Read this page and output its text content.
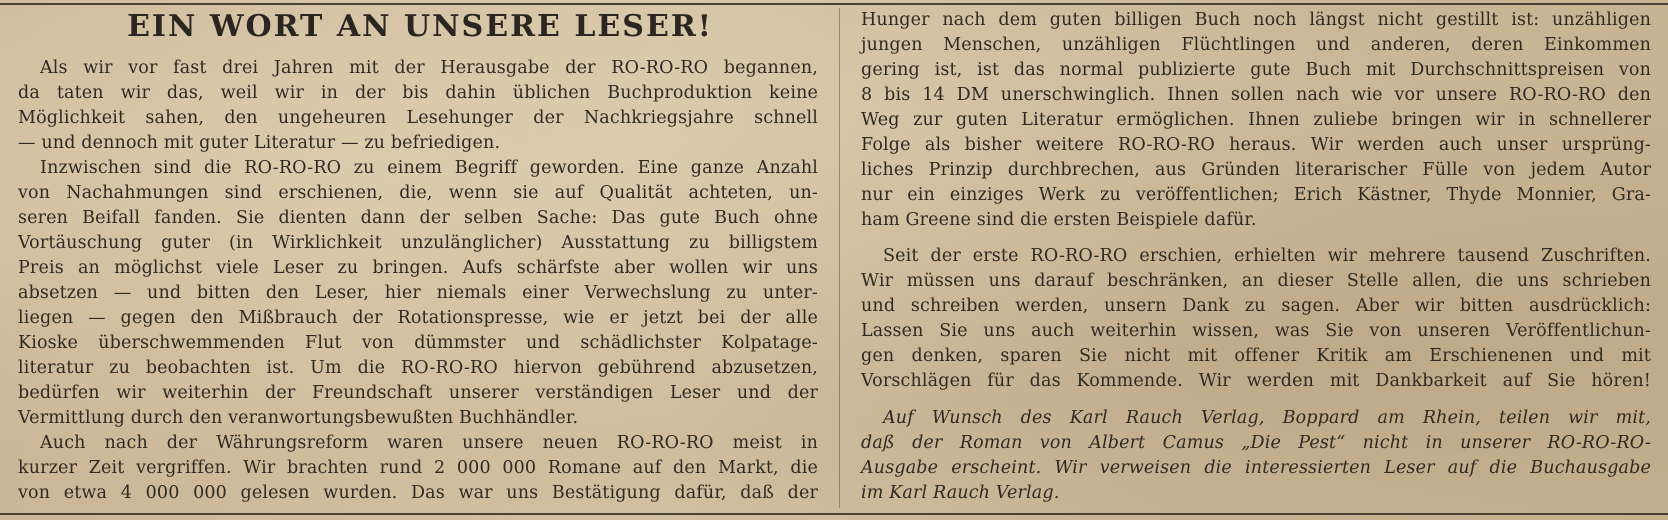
EIN WORT AN UNSERE LESER!
Als wir vor fast drei Jahren mit der Herausgabe der RO-RO-RO begannen,
da taten wir das, weil wir in der bis dahin üblichen Buchproduktion keine
Möglichkeit sahen, den ungeheuren Lesehunger der Nachkriegsjahre schnell
— und dennoch mit guter Literatur — zu befriedigen.
Inzwischen sind die RO-RO-RO zu einem Begriff geworden. Eine ganze Anzahl
von Nachahmungen sind erschienen, die, wenn sie auf Qualität achteten, un-
seren Beifall fanden. Sie dienten dann der selben Sache: Das gute Buch ohne
Vortäuschung guter (in Wirklichkeit unzulänglicher) Ausstattung zu billigstem
Preis an möglichst viele Leser zu bringen. Aufs schärfste aber wollen wir uns
absetzen — und bitten den Leser, hier niemals einer Verwechslung zu unter-
liegen — gegen den Mißbrauch der Rotationspresse, wie er jetzt bei der alle
Kioske überschwemmenden Flut von dümmster und schädlichster Kolpatage-
literatur zu beobachten ist. Um die RO-RO-RO hiervon gebührend abzusetzen,
bedürfen wir weiterhin der Freundschaft unserer verständigen Leser und der
Vermittlung durch den veranwortungsbewußten Buchhändler.
Auch nach der Währungsreform waren unsere neuen RO-RO-RO meist in
kurzer Zeit vergriffen. Wir brachten rund 2 000 000 Romane auf den Markt, die
von etwa 4 000 000 gelesen wurden. Das war uns Bestätigung dafür, daß der
Hunger nach dem guten billigen Buch noch längst nicht gestillt ist: unzähligen
jungen Menschen, unzähligen Flüchtlingen und anderen, deren Einkommen
gering ist, ist das normal publizierte gute Buch mit Durchschnittspreisen von
8 bis 14 DM unerschwinglich. Ihnen sollen nach wie vor unsere RO-RO-RO den
Weg zur guten Literatur ermöglichen. Ihnen zuliebe bringen wir in schnellerer
Folge als bisher weitere RO-RO-RO heraus. Wir werden auch unser ursprüng-
liches Prinzip durchbrechen, aus Gründen literarischer Fülle von jedem Autor
nur ein einziges Werk zu veröffentlichen; Erich Kästner, Thyde Monnier, Gra-
ham Greene sind die ersten Beispiele dafür.
Seit der erste RO-RO-RO erschien, erhielten wir mehrere tausend Zuschriften.
Wir müssen uns darauf beschränken, an dieser Stelle allen, die uns schrieben
und schreiben werden, unsern Dank zu sagen. Aber wir bitten ausdrücklich:
Lassen Sie uns auch weiterhin wissen, was Sie von unseren Veröffentlichun-
gen denken, sparen Sie nicht mit offener Kritik am Erschienenen und mit
Vorschlägen für das Kommende. Wir werden mit Dankbarkeit auf Sie hören!
Auf Wunsch des Karl Rauch Verlag, Boppard am Rhein, teilen wir mit,
daß der Roman von Albert Camus „Die Pest“ nicht in unserer RO-RO-RO-
Ausgabe erscheint. Wir verweisen die interessierten Leser auf die Buchausgabe
im Karl Rauch Verlag.
